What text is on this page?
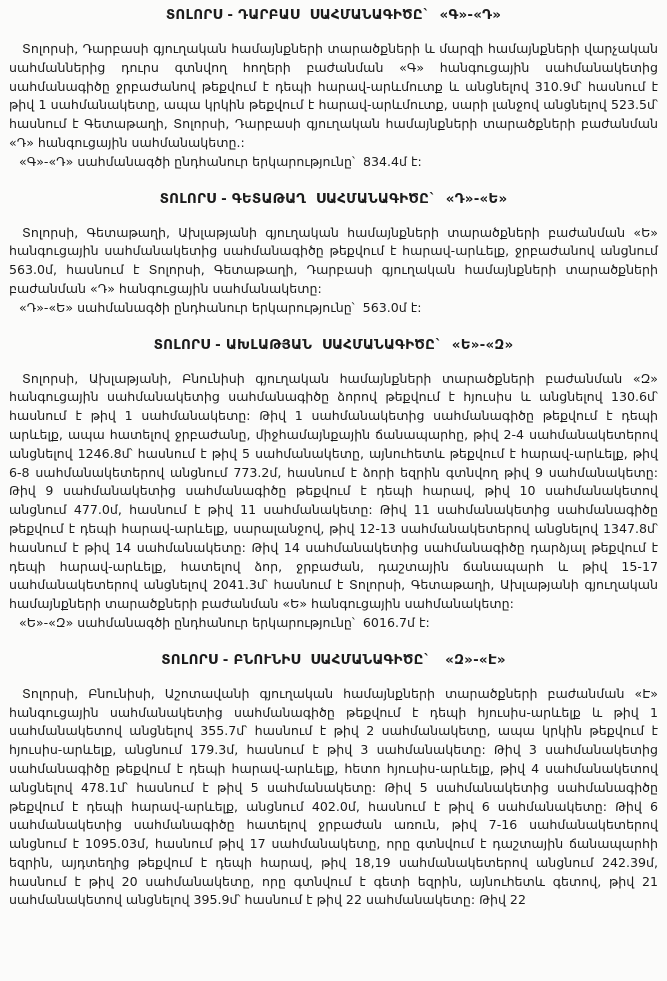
ՏՈԼՈՐՍ - ԴԱՐԲԱՍ  ՍԱՀՄԱՆԱԳԻԾԸ`  «Գ»-«Դ»

Տոլորսի, Դարբասի գյուղական համայնքների տարածքների և մարզի համայնքների վարչական սահմաններից դուրս գտնվող հողերի բաժանման «Գ» հանգուցային սահմանակետից սահմանագիծը ջրբաժանով թեքվում է դեպի հարավ-արևմուտք և անցնելով 310.9մ՝ հասնում է թիվ 1 սահմանակետը, ապա կրկին թեքվում է հարավ-արևմուտք, սարի լանջով անցնելով 523.5մ՝ հասնում է Գետաթաղի, Տոլորսի, Դարբասի գյուղական համայնքների տարածքների բաժանման «Դ» հանգուցային սահմանակետը.:

«Գ»-«Դ» սահմանագծի ընդհանուր երկարությունը՝  834.4մ է:

ՏՈԼՈՐՍ - ԳԵՏԱԹԱՂ  ՍԱՀՄԱՆԱԳԻԾԸ`  «Դ»-«Ե»

Տոլորսի, Գետաթաղի, Ախլաթյանի գյուղական համայնքների տարածքների բաժանման «Ե» հանգուցային սահմանակետից սահմանագիծը թեքվում է հարավ-արևելք, ջրբաժանով անցնում 563.0մ, հասնում է Տոլորսի, Գետաթաղի, Դարբասի գյուղական համայնքների տարածքների բաժանման «Դ» հանգուցային սահմանակետը:

«Դ»-«Ե» սահմանագծի ընդհանուր երկարությունը՝  563.0մ է:

ՏՈԼՈՐՍ - ԱԽԼԱԹՅԱՆ  ՍԱՀՄԱՆԱԳԻԾԸ`  «Ե»-«Զ»

Տոլորսի, Ախլաթյանի, Բնունիսի գյուղական համայնքների տարածքների բաժանման «Զ» հանգուցային սահմանակետից սահմանագիծը ձորով թեքվում է հյուսիս և անցնելով 130.6մ՝ հասնում է թիվ 1 սահմանակետը: Թիվ 1 սահմանակետից սահմանագիծը թեքվում է դեպի արևելք, ապա հատելով ջրբաժանը, միջհամայնքային ճանապարհը, թիվ 2-4 սահմանակետերով անցնելով 1246.8մ՝ հասնում է թիվ 5 սահմանակետը, այնուհետև թեքվում է հարավ-արևելք, թիվ 6-8 սահմանակետերով անցնում 773.2մ, հասնում է ձորի եզրին գտնվող թիվ 9 սահմանակետը: Թիվ 9 սահմանակետից սահմանագիծը թեքվում է դեպի հարավ, թիվ 10 սահմանակետով անցնում 477.0մ, հասնում է թիվ 11 սահմանակետը: Թիվ 11 սահմանակետից սահմանագիծը թեքվում է դեպի հարավ-արևելք, սարալանջով, թիվ 12-13 սահմանակետերով անցնելով 1347.8մ՝ հասնում է թիվ 14 սահմանակետը: Թիվ 14 սահմանակետից սահմանագիծը դարձյալ թեքվում է դեպի հարավ-արևելք, հատելով ձոր, ջրբաժան, դաշտային ճանապարհ և թիվ 15-17 սահմանակետերով անցնելով 2041.3մ՝ հասնում է Տոլորսի, Գետաթաղի, Ախլաթյանի գյուղական համայնքների տարածքների բաժանման «Ե» հանգուցային սահմանակետը:

«Ե»-«Զ» սահմանագծի ընդհանուր երկարությունը՝  6016.7մ է:

ՏՈԼՈՐՍ - ԲՆՈՒՆԻՍ  ՍԱՀՄԱՆԱԳԻԾԸ`   «Զ»-«Է»

Տոլորսի, Բնունիսի, Աշոտավանի գյուղական համայնքների տարածքների բաժանման «Է» հանգուցային սահմանակետից սահմանագիծը թեքվում է դեպի հյուսիս-արևելք և թիվ 1 սահմանակետով անցնելով 355.7մ՝ հասնում է թիվ 2 սահմանակետը, ապա կրկին թեքվում է հյուսիս-արևելք, անցնում 179.3մ, հասնում է թիվ 3 սահմանակետը: Թիվ 3 սահմանակետից սահմանագիծը թեքվում է դեպի հարավ-արևելք, հետո հյուսիս-արևելք, թիվ 4 սահմանակետով անցնելով 478.1մ՝ հասնում է թիվ 5 սահմանակետը: Թիվ 5 սահմանակետից սահմանագիծը թեքվում է դեպի հարավ-արևելք, անցնում 402.0մ, հասնում է թիվ 6 սահմանակետը: Թիվ 6 սահմանակետից սահմանագիծը հատելով ջրբաժան առուն, թիվ 7-16 սահմանակետերով անցնում է 1095.03մ, հասնում թիվ 17 սահմանակետը, որը գտնվում է դաշտային ճանապարհի եզրին, այդտեղից թեքվում է դեպի հարավ, թիվ 18,19 սահմանակետերով անցնում 242.39մ, հասնում է թիվ 20 սահմանակետը, որը գտնվում է գետի եզրին, այնուհետև գետով, թիվ 21 սահմանակետով անցնելով 395.9մ՝ հասնում է թիվ 22 սահմանակետը: Թիվ 22
